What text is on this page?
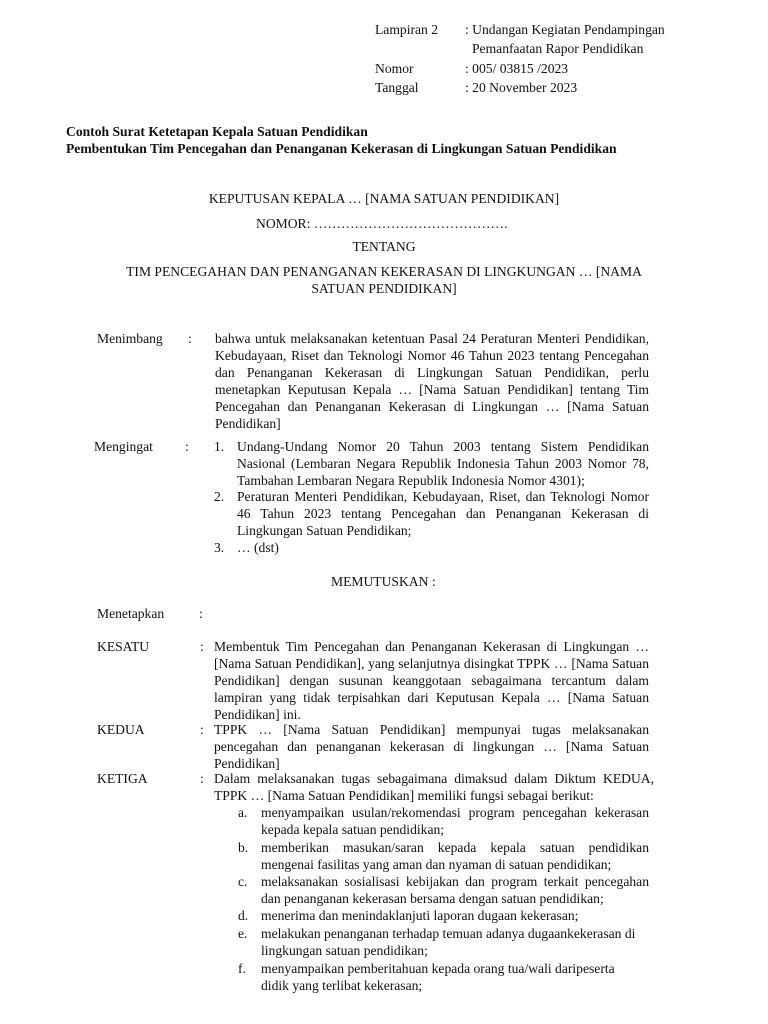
Lampiran 2 : Undangan Kegiatan Pendampingan
Pemanfaatan Rapor Pendidikan
Nomor	: 005/ 03815 /2023
Tanggal	: 20 November 2023
Contoh Surat Ketetapan Kepala Satuan Pendidikan
Pembentukan Tim Pencegahan dan Penanganan Kekerasan di Lingkungan Satuan Pendidikan
KEPUTUSAN KEPALA … [NAMA SATUAN PENDIDIKAN]
NOMOR: …………………………………….
TENTANG
TIM PENCEGAHAN DAN PENANGANAN KEKERASAN DI LINGKUNGAN … [NAMA SATUAN PENDIDIKAN]
Menimbang : bahwa untuk melaksanakan ketentuan Pasal 24 Peraturan Menteri Pendidikan, Kebudayaan, Riset dan Teknologi Nomor 46 Tahun 2023 tentang Pencegahan dan Penanganan Kekerasan di Lingkungan Satuan Pendidikan, perlu menetapkan Keputusan Kepala … [Nama Satuan Pendidikan] tentang Tim Pencegahan dan Penanganan Kekerasan di Lingkungan … [Nama Satuan Pendidikan]
Mengingat : 1. Undang-Undang Nomor 20 Tahun 2003 tentang Sistem Pendidikan Nasional (Lembaran Negara Republik Indonesia Tahun 2003 Nomor 78, Tambahan Lembaran Negara Republik Indonesia Nomor 4301);
2. Peraturan Menteri Pendidikan, Kebudayaan, Riset, dan Teknologi Nomor 46 Tahun 2023 tentang Pencegahan dan Penanganan Kekerasan di Lingkungan Satuan Pendidikan;
3. … (dst)
MEMUTUSKAN :
Menetapkan	:
KESATU	: Membentuk Tim Pencegahan dan Penanganan Kekerasan di Lingkungan … [Nama Satuan Pendidikan], yang selanjutnya disingkat TPPK … [Nama Satuan Pendidikan] dengan susunan keanggotaan sebagaimana tercantum dalam lampiran yang tidak terpisahkan dari Keputusan Kepala … [Nama Satuan Pendidikan] ini.
KEDUA	: TPPK … [Nama Satuan Pendidikan] mempunyai tugas melaksanakan pencegahan dan penanganan kekerasan di lingkungan … [Nama Satuan Pendidikan]
KETIGA	: Dalam melaksanakan tugas sebagaimana dimaksud dalam Diktum KEDUA, TPPK … [Nama Satuan Pendidikan] memiliki fungsi sebagai berikut:
a. menyampaikan usulan/rekomendasi program pencegahan kekerasan kepada kepala satuan pendidikan;
b. memberikan masukan/saran kepada kepala satuan pendidikan mengenai fasilitas yang aman dan nyaman di satuan pendidikan;
c. melaksanakan sosialisasi kebijakan dan program terkait pencegahan dan penanganan kekerasan bersama dengan satuan pendidikan;
d. menerima dan menindaklanjuti laporan dugaan kekerasan;
e. melakukan penanganan terhadap temuan adanya dugaankekerasan di lingkungan satuan pendidikan;
f. menyampaikan pemberitahuan kepada orang tua/wali daripeserta didik yang terlibat kekerasan;
